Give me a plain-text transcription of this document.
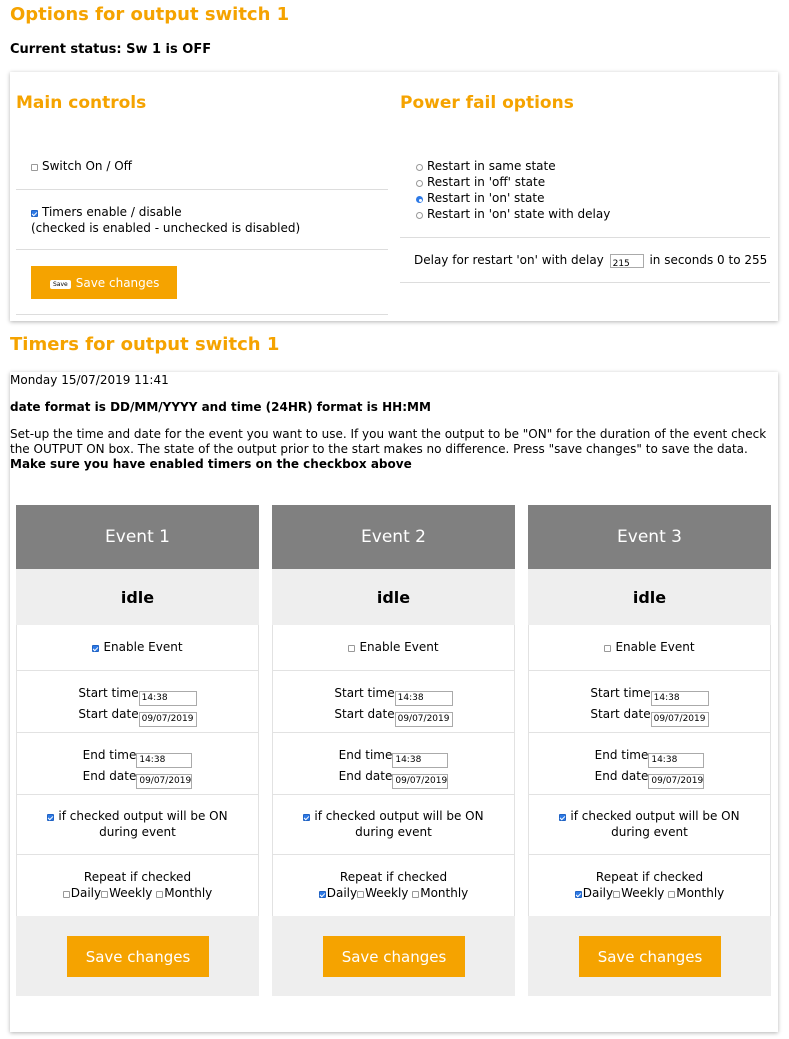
Options for output switch 1
Current status: Sw 1 is OFF
Main controls
Switch On / Off
Timers enable / disable
(checked is enabled - unchecked is disabled)
Save Save changes
Power fail options
Restart in same state
Restart in 'off' state
Restart in 'on' state
Restart in 'on' state with delay
Delay for restart 'on' with delay 215 in seconds 0 to 255
Timers for output switch 1
Monday 15/07/2019 11:41
date format is DD/MM/YYYY and time (24HR) format is HH:MM
Set-up the time and date for the event you want to use. If you want the output to be "ON" for the duration of the event check the OUTPUT ON box. The state of the output prior to the start makes no difference. Press "save changes" to save the data. Make sure you have enabled timers on the checkbox above
Event 1
idle
Enable Event
Start time 14:38
Start date 09/07/2019
End time 14:38
End date 09/07/2019
if checked output will be ON during event
Repeat if checked
Daily Weekly Monthly
Save changes
Event 2
idle
Enable Event
Start time 14:38
Start date 09/07/2019
End time 14:38
End date 09/07/2019
if checked output will be ON during event
Repeat if checked
Daily Weekly Monthly
Save changes
Event 3
idle
Enable Event
Start time 14:38
Start date 09/07/2019
End time 14:38
End date 09/07/2019
if checked output will be ON during event
Repeat if checked
Daily Weekly Monthly
Save changes
